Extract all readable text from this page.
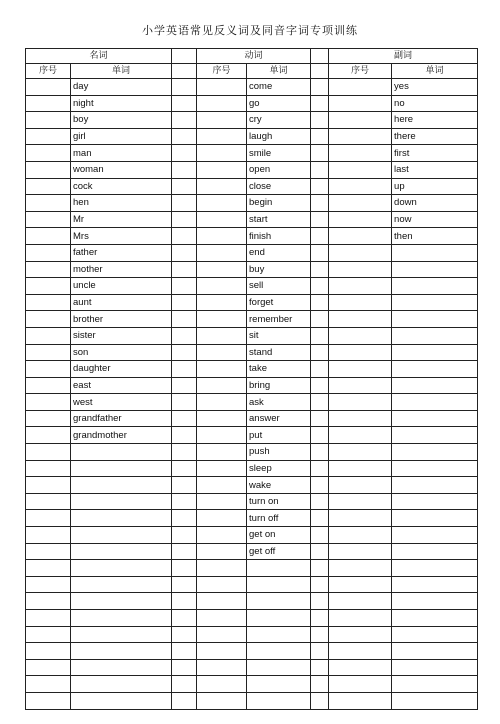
小学英语常见反义词及同音字词专项训练
名词			动词			副词	
序号	单词		序号	单词		序号	单词
	day			come			yes
	night			go			no
	boy			cry			here
	girl			laugh			there
	man			smile			first
	woman			open			last
	cock			close			up
	hen			begin			down
	Mr			start			now
	Mrs			finish			then
	father			end			
	mother			buy			
	uncle			sell			
	aunt			forget			
	brother			remember			
	sister			sit			
	son			stand			
	daughter			take			
	east			bring			
	west			ask			
	grandfather			answer			
	grandmother			put			
				push			
				sleep			
				wake			
				turn on			
				turn off			
				get on			
				get off			
